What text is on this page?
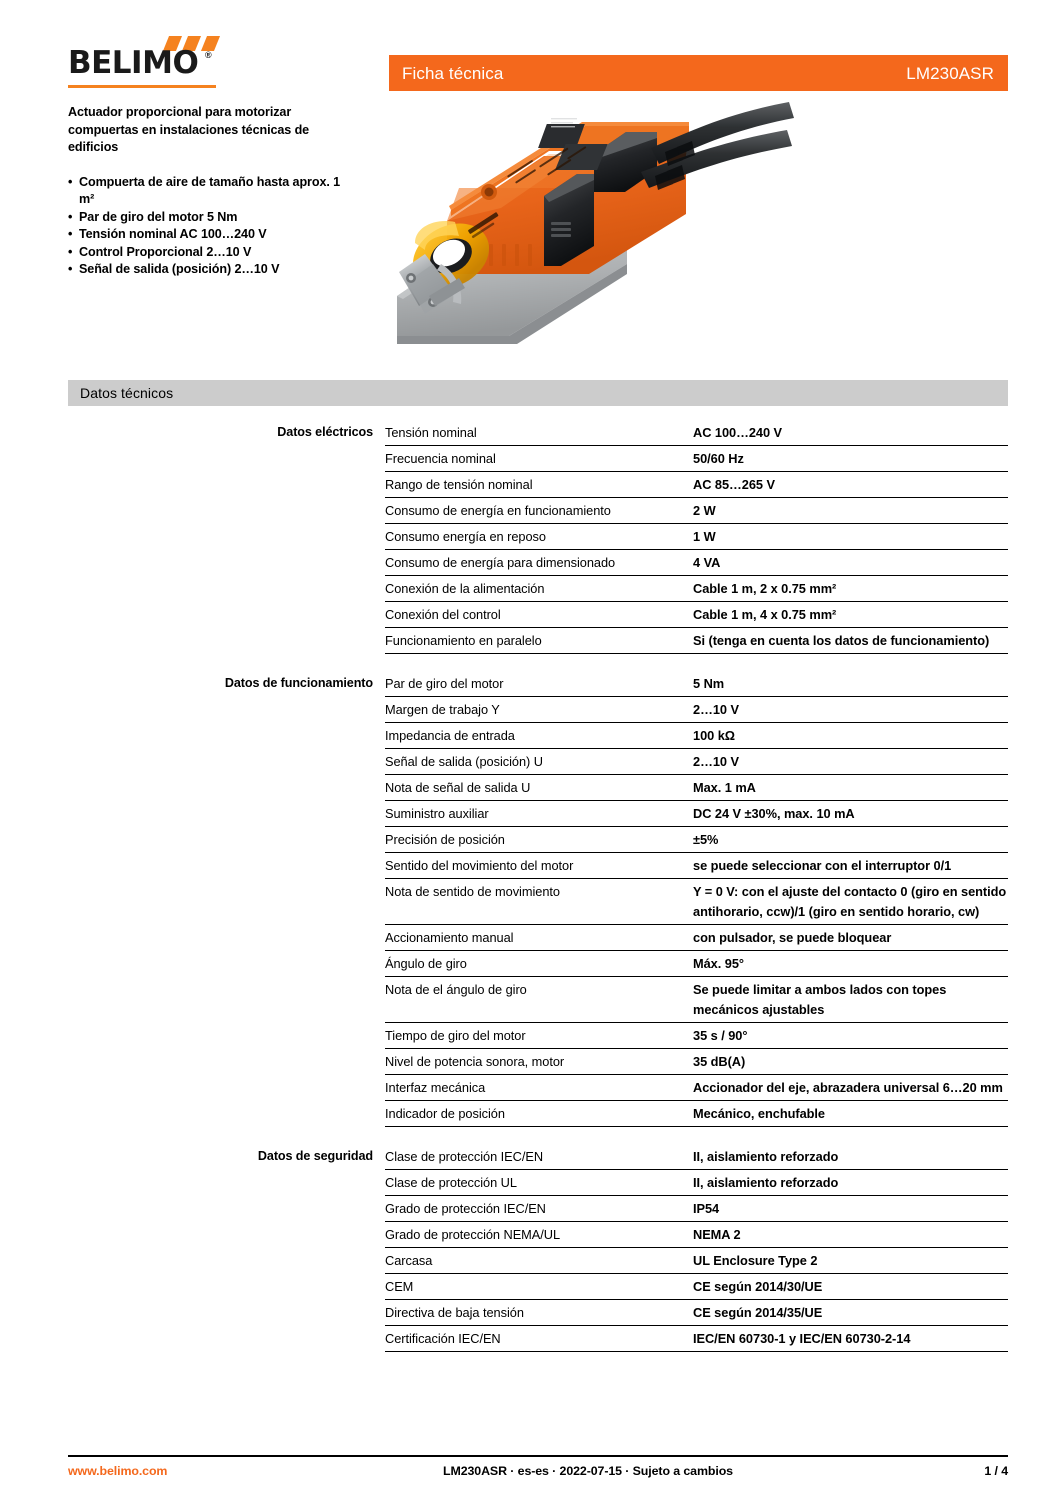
BELIMO ®
Actuador proporcional para motorizar compuertas en instalaciones técnicas de edificios
• Compuerta de aire de tamaño hasta aprox. 1 m²
• Par de giro del motor 5 Nm
• Tensión nominal AC 100…240 V
• Control Proporcional 2…10 V
• Señal de salida (posición) 2…10 V
Ficha técnica	LM230ASR
Datos técnicos
Datos eléctricos Tensión nominal	AC 100…240 V
Frecuencia nominal	50/60 Hz
Rango de tensión nominal	AC 85…265 V
Consumo de energía en funcionamiento	2 W
Consumo energía en reposo	1 W
Consumo de energía para dimensionado	4 VA
Conexión de la alimentación	Cable 1 m, 2 x 0.75 mm²
Conexión del control	Cable 1 m, 4 x 0.75 mm²
Funcionamiento en paralelo	Si (tenga en cuenta los datos de funcionamiento)
Datos de funcionamiento Par de giro del motor	5 Nm
Margen de trabajo Y	2…10 V
Impedancia de entrada	100 kΩ
Señal de salida (posición) U	2…10 V
Nota de señal de salida U	Max. 1 mA
Suministro auxiliar	DC 24 V ±30%, max. 10 mA
Precisión de posición	±5%
Sentido del movimiento del motor	se puede seleccionar con el interruptor 0/1
Nota de sentido de movimiento	Y = 0 V: con el ajuste del contacto 0 (giro en sentido antihorario, ccw)/1 (giro en sentido horario, cw)
Accionamiento manual	con pulsador, se puede bloquear
Ángulo de giro	Máx. 95°
Nota de el ángulo de giro	Se puede limitar a ambos lados con topes mecánicos ajustables
Tiempo de giro del motor	35 s / 90°
Nivel de potencia sonora, motor	35 dB(A)
Interfaz mecánica	Accionador del eje, abrazadera universal 6…20 mm
Indicador de posición	Mecánico, enchufable
Datos de seguridad Clase de protección IEC/EN	II, aislamiento reforzado
Clase de protección UL	II, aislamiento reforzado
Grado de protección IEC/EN	IP54
Grado de protección NEMA/UL	NEMA 2
Carcasa	UL Enclosure Type 2
CEM	CE según 2014/30/UE
Directiva de baja tensión	CE según 2014/35/UE
Certificación IEC/EN	IEC/EN 60730-1 y IEC/EN 60730-2-14
www.belimo.com	LM230ASR · es-es · 2022-07-15 · Sujeto a cambios	1 / 4
